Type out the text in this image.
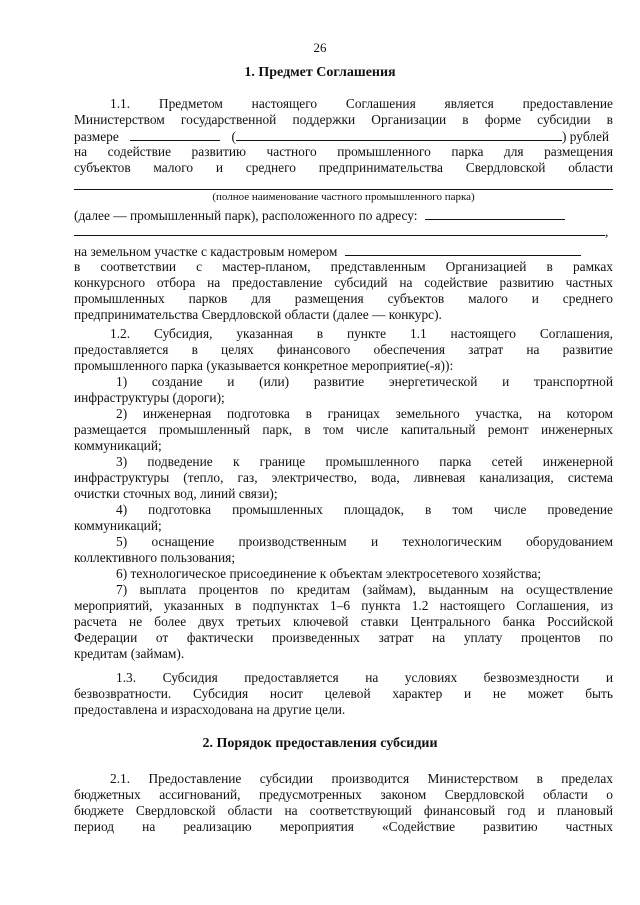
26
1. Предмет Соглашения
1.1. Предметом настоящего Соглашения является предоставление
Министерством государственной поддержки Организации в форме субсидии в
размере	(	) рублей
на содействие развитию частного промышленного парка для размещения
субъектов малого и среднего предпринимательства Свердловской области
(полное наименование частного промышленного парка)
(далее — промышленный парк), расположенного по адресу:
,
на земельном участке с кадастровым номером
в соответствии с мастер-планом, представленным Организацией в рамках
конкурсного отбора на предоставление субсидий на содействие развитию частных
промышленных парков для размещения субъектов малого и среднего
предпринимательства Свердловской области (далее — конкурс).
1.2. Субсидия, указанная в пункте 1.1 настоящего Соглашения,
предоставляется в целях финансового обеспечения затрат на развитие
промышленного парка (указывается конкретное мероприятие(-я)):
1) создание и (или) развитие энергетической и транспортной
инфраструктуры (дороги);
2) инженерная подготовка в границах земельного участка, на котором
размещается промышленный парк, в том числе капитальный ремонт инженерных
коммуникаций;
3) подведение к границе промышленного парка сетей инженерной
инфраструктуры (тепло, газ, электричество, вода, ливневая канализация, система
очистки сточных вод, линий связи);
4) подготовка промышленных площадок, в том числе проведение
коммуникаций;
5) оснащение производственным и технологическим оборудованием
коллективного пользования;
6) технологическое присоединение к объектам электросетевого хозяйства;
7) выплата процентов по кредитам (займам), выданным на осуществление
мероприятий, указанных в подпунктах 1–6 пункта 1.2 настоящего Соглашения, из
расчета не более двух третьих ключевой ставки Центрального банка Российской
Федерации от фактически произведенных затрат на уплату процентов по
кредитам (займам).
1.3. Субсидия предоставляется на условиях безвозмездности и
безвозвратности. Субсидия носит целевой характер и не может быть
предоставлена и израсходована на другие цели.
2. Порядок предоставления субсидии
2.1. Предоставление субсидии производится Министерством в пределах
бюджетных ассигнований, предусмотренных законом Свердловской области о
бюджете Свердловской области на соответствующий финансовый год и плановый
период на реализацию мероприятия «Содействие развитию частных
